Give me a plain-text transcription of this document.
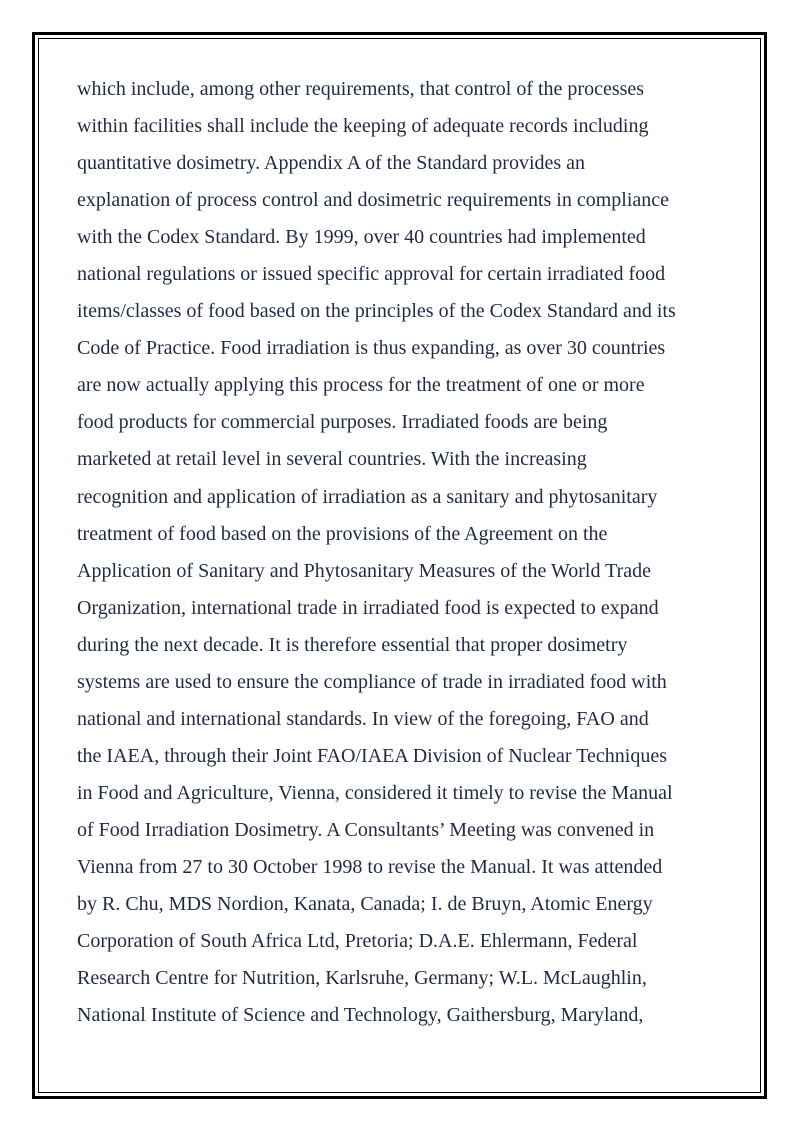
which include, among other requirements, that control of the processes
within facilities shall include the keeping of adequate records including
quantitative dosimetry. Appendix A of the Standard provides an
explanation of process control and dosimetric requirements in compliance
with the Codex Standard. By 1999, over 40 countries had implemented
national regulations or issued specific approval for certain irradiated food
items/classes of food based on the principles of the Codex Standard and its
Code of Practice. Food irradiation is thus expanding, as over 30 countries
are now actually applying this process for the treatment of one or more
food products for commercial purposes. Irradiated foods are being
marketed at retail level in several countries. With the increasing
recognition and application of irradiation as a sanitary and phytosanitary
treatment of food based on the provisions of the Agreement on the
Application of Sanitary and Phytosanitary Measures of the World Trade
Organization, international trade in irradiated food is expected to expand
during the next decade. It is therefore essential that proper dosimetry
systems are used to ensure the compliance of trade in irradiated food with
national and international standards. In view of the foregoing, FAO and
the IAEA, through their Joint FAO/IAEA Division of Nuclear Techniques
in Food and Agriculture, Vienna, considered it timely to revise the Manual
of Food Irradiation Dosimetry. A Consultants’ Meeting was convened in
Vienna from 27 to 30 October 1998 to revise the Manual. It was attended
by R. Chu, MDS Nordion, Kanata, Canada; I. de Bruyn, Atomic Energy
Corporation of South Africa Ltd, Pretoria; D.A.E. Ehlermann, Federal
Research Centre for Nutrition, Karlsruhe, Germany; W.L. McLaughlin,
National Institute of Science and Technology, Gaithersburg, Maryland,
